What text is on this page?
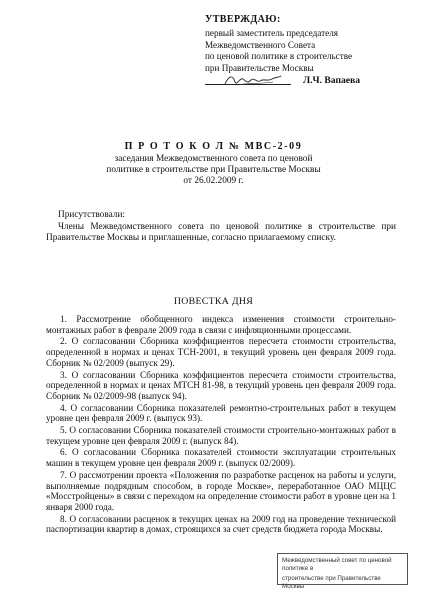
УТВЕРЖДАЮ:
первый заместитель председателя
Межведомственного Совета
по ценовой политике в строительстве
при Правительстве Москвы
Л.Ч. Вапаева
П Р О Т О К О Л № МВС-2-09
заседания Межведомственного совета по ценовой
политике в строительстве при Правительстве Москвы
от 26.02.2009 г.
Присутствовали:
Члены Межведомственного совета по ценовой политике в строительстве при Правительстве Москвы и приглашенные, согласно прилагаемому списку.
ПОВЕСТКА ДНЯ

1. Рассмотрение обобщенного индекса изменения стоимости строительно-монтажных работ в феврале 2009 года в связи с инфляционными процессами.

2. О согласовании Сборника коэффициентов пересчета стоимости строительства, определенной в нормах и ценах ТСН-2001, в текущий уровень цен февраля 2009 года. Сборник № 02/2009 (выпуск 29).

3. О согласовании Сборника коэффициентов пересчета стоимости строительства, определенной в нормах и ценах МТСН 81-98, в текущий уровень цен февраля 2009 года. Сборник № 02/2009-98 (выпуск 94).

4. О согласовании Сборника показателей ремонтно-строительных работ в текущем уровне цен февраля 2009 г. (выпуск 93).

5. О согласовании Сборника показателей стоимости строительно-монтажных работ в текущем уровне цен февраля 2009 г. (выпуск 84).

6. О согласовании Сборника показателей стоимости эксплуатации строительных машин в текущем уровне цен февраля 2009 г. (выпуск 02/2009).

7. О рассмотрении проекта «Положения по разработке расценок на работы и услуги, выполняемые подрядным способом, в городе Москве», переработанное ОАО МЦЦС «Мосстройцены» в связи с переходом на определение стоимости работ в уровне цен на 1 января 2000 года.

8. О согласовании расценок в текущих ценах на 2009 год на проведение технической паспортизации квартир в домах, строящихся за счет средств бюджета города Москвы.

Межведомственный совет по ценовой политике в
строительстве при Правительстве Москвы
